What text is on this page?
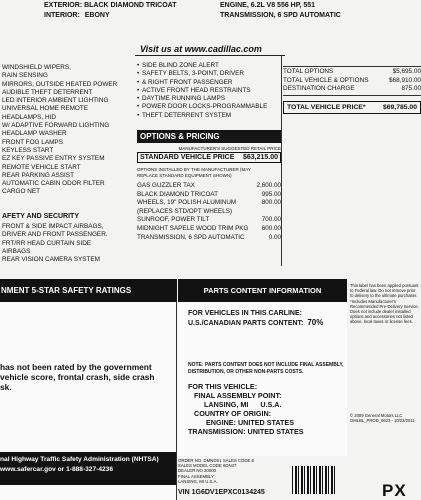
EXTERIOR: BLACK DIAMOND TRICOAT
INTERIOR: EBONY
ENGINE, 6.2L V8 556 HP, 551
TRANSMISSION, 6 SPD AUTOMATIC
Visit us at www.cadillac.com
WINDSHIELD WIPERS,
RAIN SENSING
MIRRORS, OUTSIDE HEATED POWER
AUDIBLE THEFT DETERRENT
LED INTERIOR AMBIENT LIGHTING
UNIVERSAL HOME REMOTE
HEADLAMPS, HID
W/ ADAPTIVE FORWARD LIGHTING
HEADLAMP WASHER
FRONT FOG LAMPS
KEYLESS START
EZ KEY PASSIVE ENTRY SYSTEM
REMOTE VEHICLE START
REAR PARKING ASSIST
AUTOMATIC CABIN ODOR FILTER
CARGO NET
AFETY AND SECURITY
FRONT & SIDE IMPACT AIRBAGS,
DRIVER AND FRONT PASSENGER.
FRT/RR HEAD CURTAIN SIDE
AIRBAGS
REAR VISION CAMERA SYSTEM
• SIDE BLIND ZONE ALERT
• SAFETY BELTS, 3-POINT, DRIVER
• & RIGHT FRONT PASSENGER
• ACTIVE FRONT HEAD RESTRAINTS
• DAYTIME RUNNING LAMPS
• POWER DOOR LOCKS-PROGRAMMABLE
• THEFT DETERRENT SYSTEM
OPTIONS & PRICING
MANUFACTURER'S SUGGESTED RETAIL PRICE
STANDARD VEHICLE PRICE $63,215.00
OPTIONS INSTALLED BY THE MANUFACTURER (MAY REPLACE STANDARD EQUIPMENT SHOWN)
GAS GUZZLER TAX	2,600.00
BLACK DIAMOND TRICOAT	995.00
WHEELS, 19" POLISH ALUMINUM	800.00
(REPLACES STD/OPT WHEELS)
SUNROOF, POWER TILT	700.00
MIDNIGHT SAPELE WOOD TRIM PKG 600.00
TRANSMISSION, 6 SPD AUTOMATIC	0.00
TOTAL OPTIONS	$5,695.00
TOTAL VEHICLE & OPTIONS	$68,910.00
DESTINATION CHARGE	875.00
TOTAL VEHICLE PRICE*	$69,785.00
NMENT 5-STAR SAFETY RATINGS
has not been rated by the government
vehicle score, frontal crash, side crash
sk.
nal Highway Traffic Safety Administration (NHTSA)
www.safercar.gov or 1-888-327-4236
PARTS CONTENT INFORMATION
FOR VEHICLES IN THIS CARLINE:
U.S./CANADIAN PARTS CONTENT: 70%
NOTE: PARTS CONTENT DOES NOT INCLUDE FINAL ASSEMBLY, DISTRIBUTION, OR OTHER NON-PARTS COSTS.
FOR THIS VEHICLE:
FINAL ASSEMBLY POINT:
LANSING, MI U.S.A.
COUNTRY OF ORIGIN:
ENGINE: UNITED STATES
TRANSMISSION: UNITED STATES
This label has been applied pursuant to Federal law. Do not remove prior to delivery to the ultimate purchaser. *Includes Manufacturer's Recommended Pre-Delivery Service. Does not include dealer installed options and accessories not listed above, local taxes or license fees.
© 2009 General Motors LLC
GMLBL_PROD_0623 - 10/23/2011
ORDER NO. DMNDS1 SALES CODE E
SALES MODEL CODE 6DN47
DEALER NO 20000
FINAL ASSEMBLY:
LANSING, MI U.S.A.
VIN 1G6DV1EPXC0134245	PX
